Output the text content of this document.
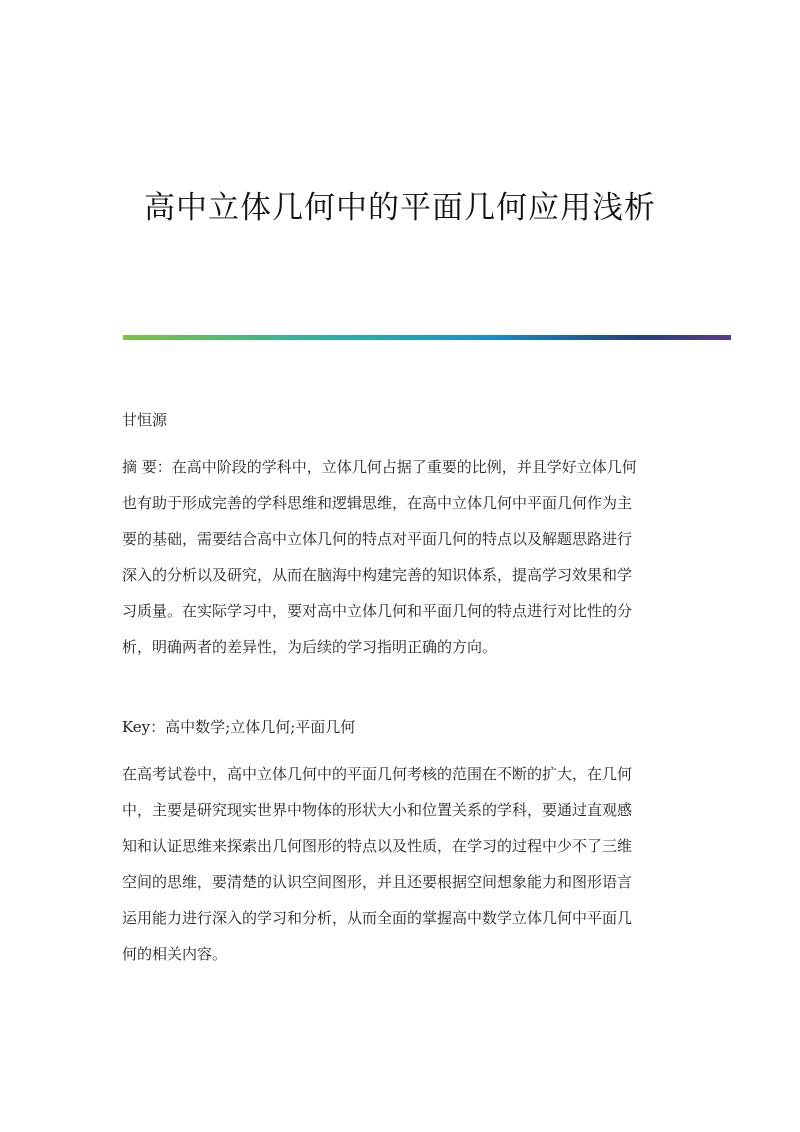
高中立体几何中的平面几何应用浅析
甘恒源
摘 要：在高中阶段的学科中，立体几何占据了重要的比例，并且学好立体几何
也有助于形成完善的学科思维和逻辑思维，在高中立体几何中平面几何作为主
要的基础，需要结合高中立体几何的特点对平面几何的特点以及解题思路进行
深入的分析以及研究，从而在脑海中构建完善的知识体系，提高学习效果和学
习质量。在实际学习中，要对高中立体几何和平面几何的特点进行对比性的分
析，明确两者的差异性，为后续的学习指明正确的方向。
Key：高中数学;立体几何;平面几何
在高考试卷中，高中立体几何中的平面几何考核的范围在不断的扩大，在几何
中，主要是研究现实世界中物体的形状大小和位置关系的学科，要通过直观感
知和认证思维来探索出几何图形的特点以及性质，在学习的过程中少不了三维
空间的思维，要清楚的认识空间图形，并且还要根据空间想象能力和图形语言
运用能力进行深入的学习和分析，从而全面的掌握高中数学立体几何中平面几
何的相关内容。
